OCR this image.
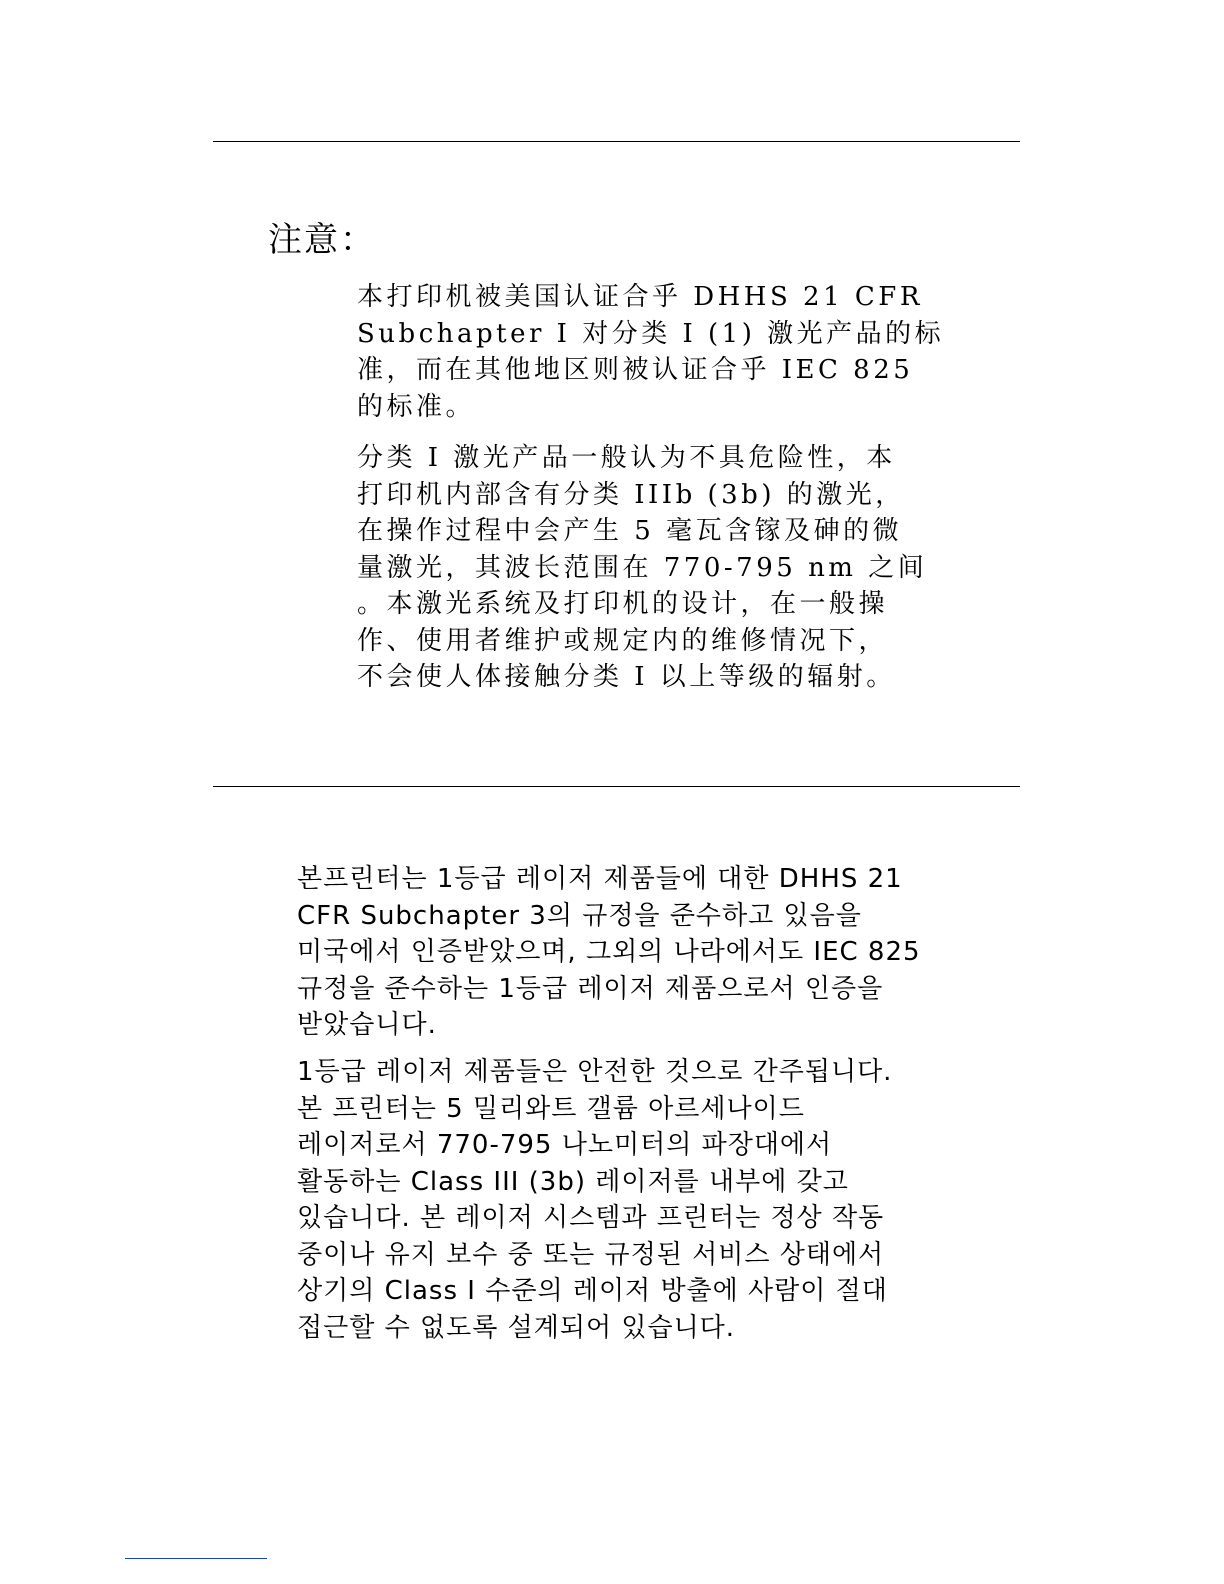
注意：
本打印机被美国认证合乎 DHHS 21 CFR
Subchapter I 对分类 I (1) 激光产品的标
准，而在其他地区则被认证合乎 IEC 825
的标准。
分类 I 激光产品一般认为不具危险性，本
打印机内部含有分类 IIIb (3b) 的激光，
在操作过程中会产生 5 毫瓦含镓及砷的微
量激光，其波长范围在 770-795 nm 之间
。本激光系统及打印机的设计，在一般操
作、使用者维护或规定内的维修情况下，
不会使人体接触分类 I 以上等级的辐射。
본프린터는 1등급 레이저 제품들에 대한 DHHS 21
CFR Subchapter 3의 규정을 준수하고 있음을
미국에서 인증받았으며, 그외의 나라에서도 IEC 825
규정을 준수하는 1등급 레이저 제품으로서 인증을
받았습니다.
1등급 레이저 제품들은 안전한 것으로 간주됩니다.
본 프린터는 5 밀리와트 갤륨 아르세나이드
레이저로서 770-795 나노미터의 파장대에서
활동하는 Class III (3b) 레이저를 내부에 갖고
있습니다. 본 레이저 시스템과 프린터는 정상 작동
중이나 유지 보수 중 또는 규정된 서비스 상태에서
상기의 Class I 수준의 레이저 방출에 사람이 절대
접근할 수 없도록 설계되어 있습니다.
